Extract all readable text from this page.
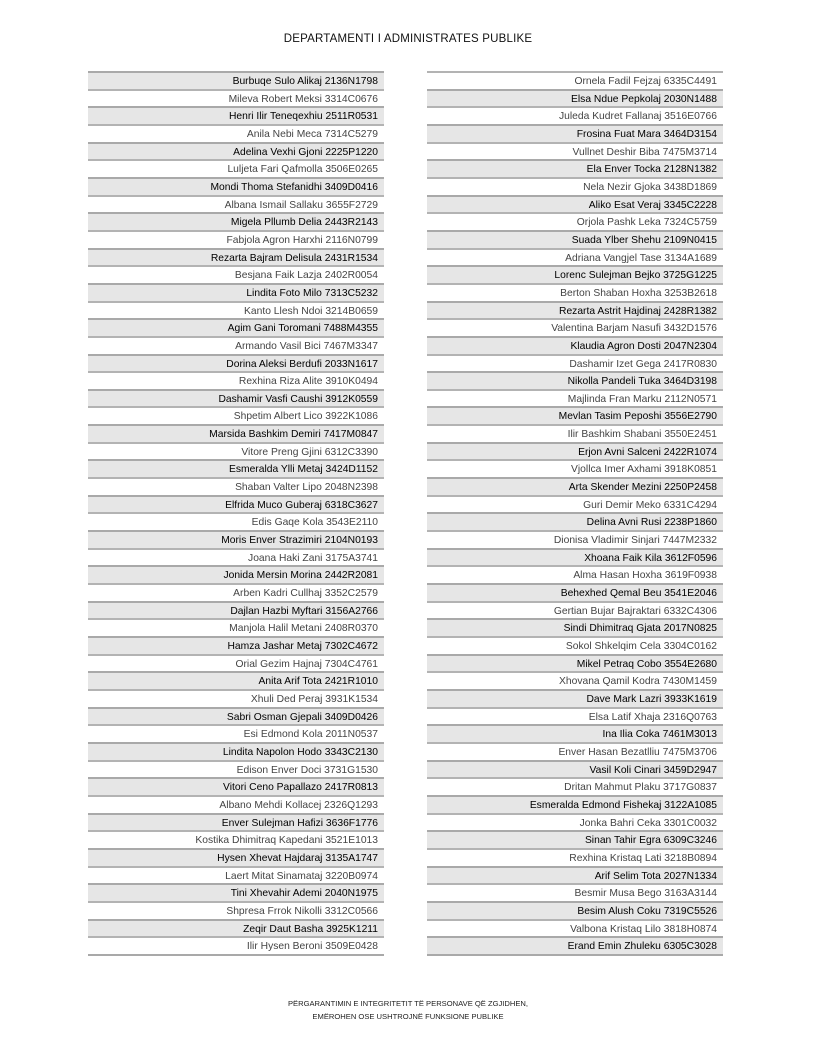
DEPARTAMENTI I ADMINISTRATES PUBLIKE
Burbuqe Sulo Alikaj 2136N1798
Mileva Robert Meksi 3314C0676
Henri Ilir Teneqexhiu 2511R0531
Anila Nebi Meca 7314C5279
Adelina Vexhi Gjoni 2225P1220
Luljeta Fari Qafmolla 3506E0265
Mondi Thoma Stefanidhi 3409D0416
Albana Ismail Sallaku 3655F2729
Migela Pllumb Delia 2443R2143
Fabjola Agron Harxhi 2116N0799
Rezarta Bajram Delisula 2431R1534
Besjana Faik Lazja 2402R0054
Lindita Foto Milo 7313C5232
Kanto Llesh Ndoi 3214B0659
Agim Gani Toromani 7488M4355
Armando Vasil Bici 7467M3347
Dorina Aleksi Berdufi 2033N1617
Rexhina Riza Alite 3910K0494
Dashamir Vasfi Caushi 3912K0559
Shpetim Albert Lico 3922K1086
Marsida Bashkim Demiri 7417M0847
Vitore Preng Gjini 6312C3390
Esmeralda Ylli Metaj 3424D1152
Shaban Valter Lipo 2048N2398
Elfrida Muco Guberaj 6318C3627
Edis Gaqe Kola 3543E2110
Moris Enver Strazimiri 2104N0193
Joana Haki Zani 3175A3741
Jonida Mersin Morina 2442R2081
Arben Kadri Cullhaj 3352C2579
Dajlan Hazbi Myftari 3156A2766
Manjola Halil Metani 2408R0370
Hamza Jashar Metaj 7302C4672
Orial Gezim Hajnaj 7304C4761
Anita Arif Tota 2421R1010
Xhuli Ded Peraj 3931K1534
Sabri Osman Gjepali 3409D0426
Esi Edmond Kola 2011N0537
Lindita Napolon Hodo 3343C2130
Edison Enver Doci 3731G1530
Vitori Ceno Papallazo 2417R0813
Albano Mehdi Kollacej 2326Q1293
Enver Sulejman Hafizi 3636F1776
Kostika Dhimitraq Kapedani 3521E1013
Hysen Xhevat Hajdaraj 3135A1747
Laert Mitat Sinamataj 3220B0974
Tini Xhevahir Ademi 2040N1975
Shpresa Frrok Nikolli 3312C0566
Zeqir Daut Basha 3925K1211
Ilir Hysen Beroni 3509E0428
Ornela Fadil Fejzaj 6335C4491
Elsa Ndue Pepkolaj 2030N1488
Juleda Kudret Fallanaj 3516E0766
Frosina Fuat Mara 3464D3154
Vullnet Deshir Biba 7475M3714
Ela Enver Tocka 2128N1382
Nela Nezir Gjoka 3438D1869
Aliko Esat Veraj 3345C2228
Orjola Pashk Leka 7324C5759
Suada Ylber Shehu 2109N0415
Adriana Vangjel Tase 3134A1689
Lorenc Sulejman Bejko 3725G1225
Berton Shaban Hoxha 3253B2618
Rezarta Astrit Hajdinaj 2428R1382
Valentina Barjam Nasufi 3432D1576
Klaudia Agron Dosti 2047N2304
Dashamir Izet Gega 2417R0830
Nikolla Pandeli Tuka 3464D3198
Majlinda Fran Marku 2112N0571
Mevlan Tasim Peposhi 3556E2790
Ilir Bashkim Shabani 3550E2451
Erjon Avni Salceni 2422R1074
Vjollca Imer Axhami 3918K0851
Arta Skender Mezini 2250P2458
Guri Demir Meko 6331C4294
Delina Avni Rusi 2238P1860
Dionisa Vladimir Sinjari 7447M2332
Xhoana Faik Kila 3612F0596
Alma Hasan Hoxha 3619F0938
Behexhed Qemal Beu 3541E2046
Gertian Bujar Bajraktari 6332C4306
Sindi Dhimitraq Gjata 2017N0825
Sokol Shkelqim Cela 3304C0162
Mikel Petraq Cobo 3554E2680
Xhovana Qamil Kodra 7430M1459
Dave Mark Lazri 3933K1619
Elsa Latif Xhaja 2316Q0763
Ina Ilia Coka 7461M3013
Enver Hasan Bezatlliu 7475M3706
Vasil Koli Cinari 3459D2947
Dritan Mahmut Plaku 3717G0837
Esmeralda Edmond Fishekaj 3122A1085
Jonka Bahri Ceka 3301C0032
Sinan Tahir Egra 6309C3246
Rexhina Kristaq Lati 3218B0894
Arif Selim Tota 2027N1334
Besmir Musa Bego 3163A3144
Besim Alush Coku 7319C5526
Valbona Kristaq Lilo 3818H0874
Erand Emin Zhuleku 6305C3028
PËRGARANTIMIN E INTEGRITETIT TË PERSONAVE QË ZGJIDHEN,
EMËROHEN OSE USHTROJNË FUNKSIONE PUBLIKE
